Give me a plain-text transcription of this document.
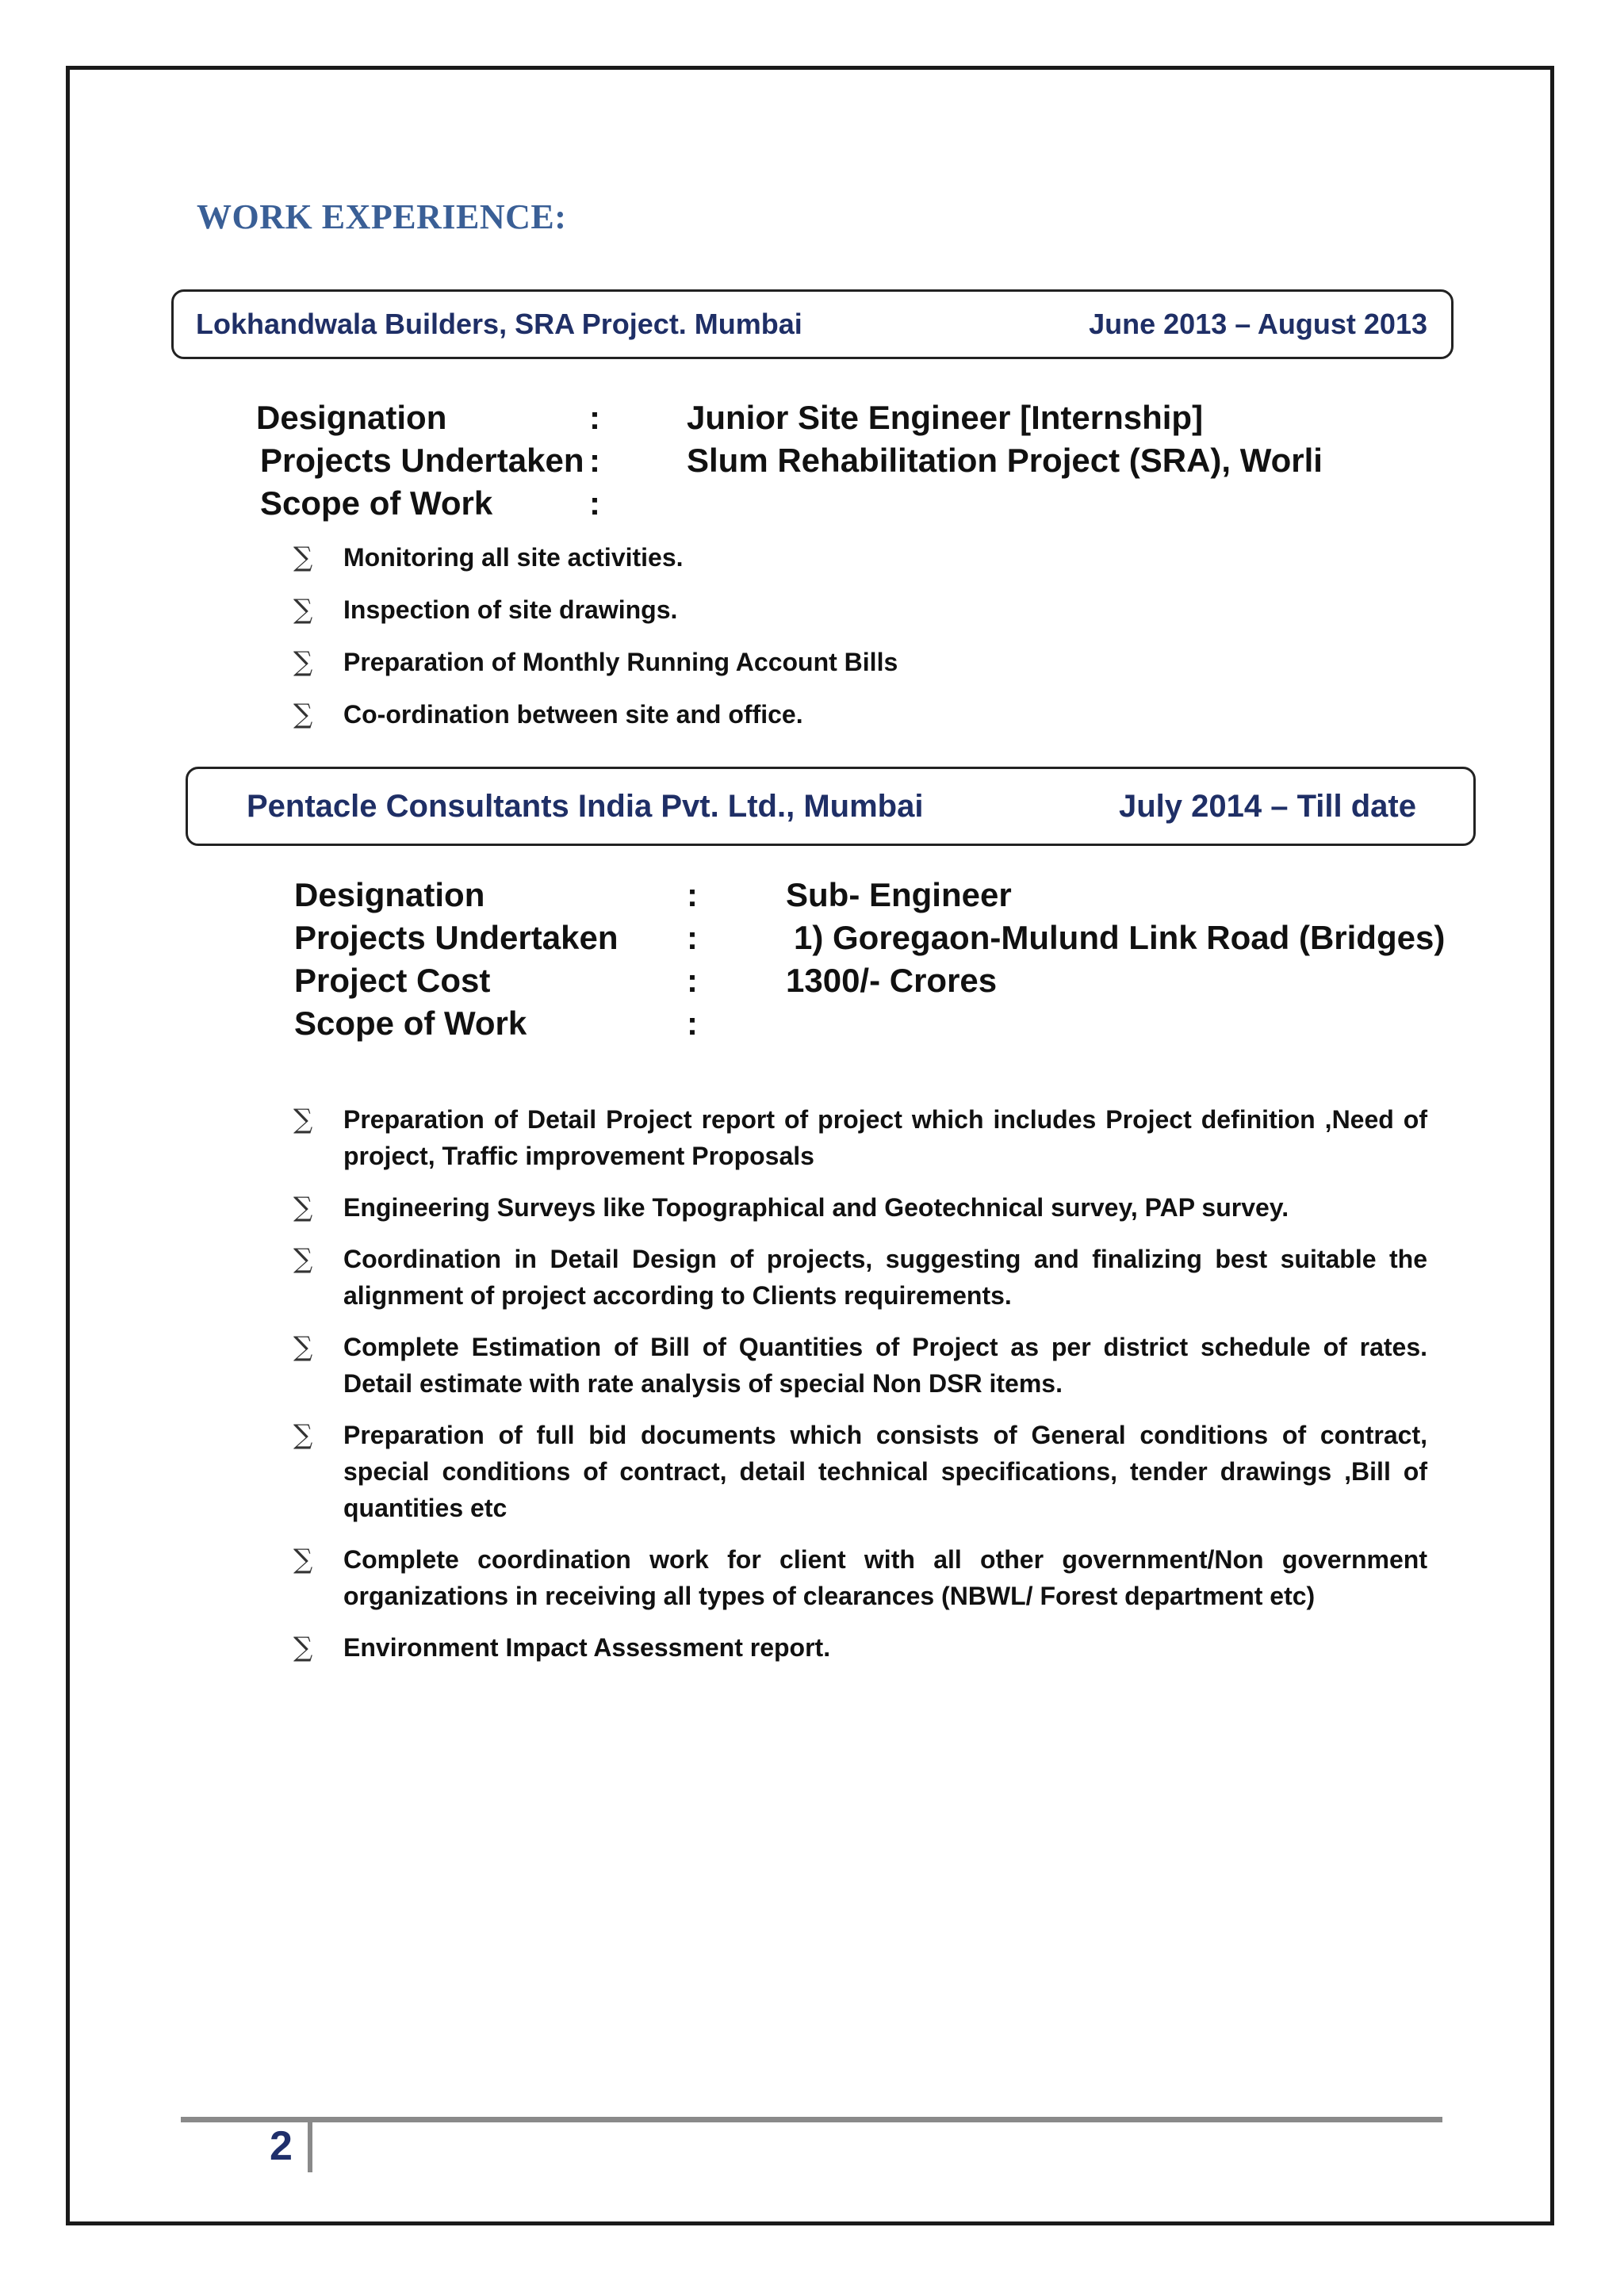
WORK EXPERIENCE:
Lokhandwala Builders, SRA Project. Mumbai	June 2013 – August 2013
Designation	:	Junior Site Engineer [Internship]
Projects Undertaken :	Slum Rehabilitation Project (SRA), Worli
Scope of Work	:
∑	Monitoring all site activities.
∑	Inspection of site drawings.
∑	Preparation of Monthly Running Account Bills
∑	Co-ordination between site and office.
Pentacle Consultants India Pvt. Ltd., Mumbai	July 2014 – Till date
Designation	:	Sub- Engineer
Projects Undertaken :	1) Goregaon-Mulund Link Road (Bridges)
Project Cost	:	1300/- Crores
Scope of Work	:
∑	Preparation of Detail Project report of project which includes Project definition ,Need of project, Traffic improvement Proposals
∑	Engineering Surveys like Topographical and Geotechnical survey, PAP survey.
∑	Coordination in Detail Design of projects, suggesting and finalizing best suitable the alignment of project according to Clients requirements.
∑	Complete Estimation of Bill of Quantities of Project as per district schedule of rates. Detail estimate with rate analysis of special Non DSR items.
∑	Preparation of full bid documents which consists of General conditions of contract, special conditions of contract, detail technical specifications, tender drawings ,Bill of quantities etc
∑	Complete coordination work for client with all other government/Non government organizations in receiving all types of clearances (NBWL/ Forest department etc)
∑	Environment Impact Assessment report.
2
